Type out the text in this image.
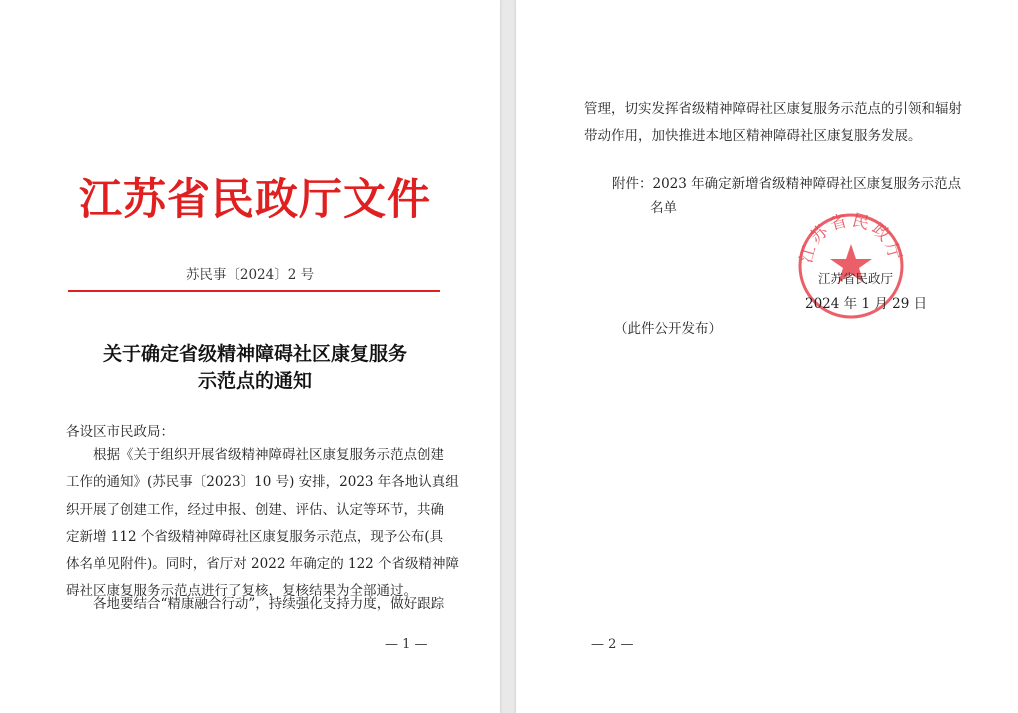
江苏省民政厅文件
苏民事〔2024〕2 号
关于确定省级精神障碍社区康复服务
示范点的通知
各设区市民政局：
　　根据《关于组织开展省级精神障碍社区康复服务示范点创建
工作的通知》(苏民事〔2023〕10 号) 安排，2023 年各地认真组
织开展了创建工作，经过申报、创建、评估、认定等环节，共确
定新增 112 个省级精神障碍社区康复服务示范点，现予公布(具
体名单见附件)。同时，省厅对 2022 年确定的 122 个省级精神障
碍社区康复服务示范点进行了复核，复核结果为全部通过。
　　各地要结合“精康融合行动”，持续强化支持力度，做好跟踪
— 1 —
管理，切实发挥省级精神障碍社区康复服务示范点的引领和辐射
带动作用，加快推进本地区精神障碍社区康复服务发展。
附件：2023 年确定新增省级精神障碍社区康复服务示范点
名单
江苏省民政厅
江苏省民政厅
2024 年 1 月 29 日
（此件公开发布）
— 2 —
